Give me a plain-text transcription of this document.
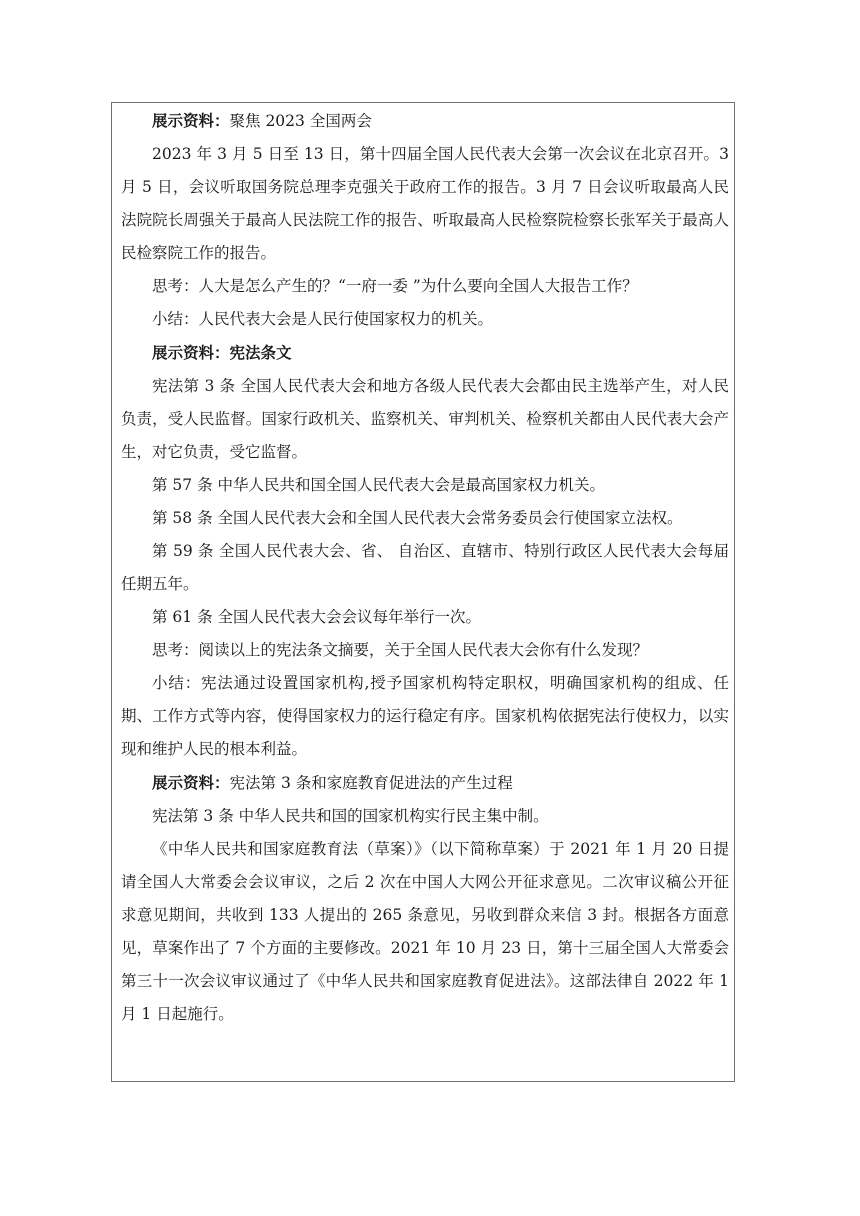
展示资料：聚焦 2023 全国两会

2023 年 3 月 5 日至 13 日，第十四届全国人民代表大会第一次会议在北京召开。3 月 5 日，会议听取国务院总理李克强关于政府工作的报告。3 月 7 日会议听取最高人民法院院长周强关于最高人民法院工作的报告、听取最高人民检察院检察长张军关于最高人民检察院工作的报告。

思考：人大是怎么产生的？“一府一委 ”为什么要向全国人大报告工作？

小结：人民代表大会是人民行使国家权力的机关。

展示资料：宪法条文

宪法第 3 条 全国人民代表大会和地方各级人民代表大会都由民主选举产生，对人民负责，受人民监督。国家行政机关、监察机关、审判机关、检察机关都由人民代表大会产生，对它负责，受它监督。

第 57 条 中华人民共和国全国人民代表大会是最高国家权力机关。

第 58 条 全国人民代表大会和全国人民代表大会常务委员会行使国家立法权。

第 59 条 全国人民代表大会、省、 自治区、直辖市、特别行政区人民代表大会每届任期五年。

第 61 条 全国人民代表大会会议每年举行一次。

思考：阅读以上的宪法条文摘要，关于全国人民代表大会你有什么发现？

小结：宪法通过设置国家机构,授予国家机构特定职权，明确国家机构的组成、任期、工作方式等内容，使得国家权力的运行稳定有序。国家机构依据宪法行使权力，以实现和维护人民的根本利益。

展示资料：宪法第 3 条和家庭教育促进法的产生过程

宪法第 3 条 中华人民共和国的国家机构实行民主集中制。

《中华人民共和国家庭教育法（草案）》（以下简称草案）于 2021 年 1 月 20 日提请全国人大常委会会议审议，之后 2 次在中国人大网公开征求意见。二次审议稿公开征求意见期间，共收到 133 人提出的 265 条意见，另收到群众来信 3 封。根据各方面意见，草案作出了 7 个方面的主要修改。2021 年 10 月 23 日，第十三届全国人大常委会第三十一次会议审议通过了《中华人民共和国家庭教育促进法》。这部法律自 2022 年 1 月 1 日起施行。
